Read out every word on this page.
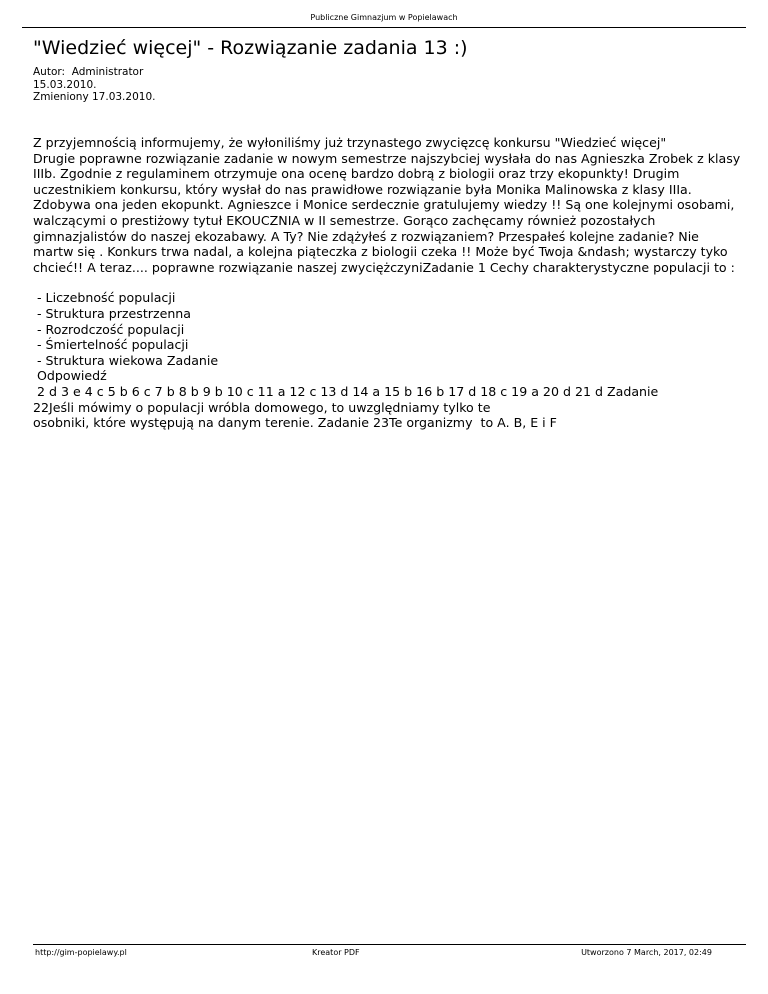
Publiczne Gimnazjum w Popielawach
"Wiedzieć więcej" - Rozwiązanie zadania 13 :)
Autor:  Administrator
15.03.2010.
Zmieniony 17.03.2010.

Z przyjemnością informujemy, że wyłoniliśmy już trzynastego zwycięzcę konkursu "Wiedzieć więcej"
Drugie poprawne rozwiązanie zadanie w nowym semestrze najszybciej wysłała do nas Agnieszka Zrobek z klasy IIIb. Zgodnie z regulaminem otrzymuje ona ocenę bardzo dobrą z biologii oraz trzy ekopunkty! Drugim uczestnikiem konkursu, który wysłał do nas prawidłowe rozwiązanie była Monika Malinowska z klasy IIIa. Zdobywa ona jeden ekopunkt. Agnieszce i Monice serdecznie gratulujemy wiedzy !! Są one kolejnymi osobami, walczącymi o prestiżowy tytuł EKOUCZNIA w II semestrze. Gorąco zachęcamy również pozostałych gimnazjalistów do naszej ekozabawy. A Ty? Nie zdążyłeś z rozwiązaniem? Przespałeś kolejne zadanie? Nie martw się . Konkurs trwa nadal, a kolejna piąteczka z biologii czeka !! Może być Twoja &ndash; wystarczy tyko chcieć!! A teraz.... poprawne rozwiązanie naszej zwyciężczyniZadanie 1 Cechy charakterystyczne populacji to :

- Liczebność populacji
- Struktura przestrzenna
- Rozrodczość populacji
- Śmiertelność populacji
- Struktura wiekowa Zadanie
Odpowiedź
2 d 3 e 4 c 5 b 6 c 7 b 8 b 9 b 10 c 11 a 12 c 13 d 14 a 15 b 16 b 17 d 18 c 19 a 20 d 21 d Zadanie
22Jeśli mówimy o populacji wróbla domowego, to uwzględniamy tylko te
osobniki, które występują na danym terenie. Zadanie 23Te organizmy  to A. B, E i F
http://gim-popielawy.pl	Kreator PDF	Utworzono 7 March, 2017, 02:49
